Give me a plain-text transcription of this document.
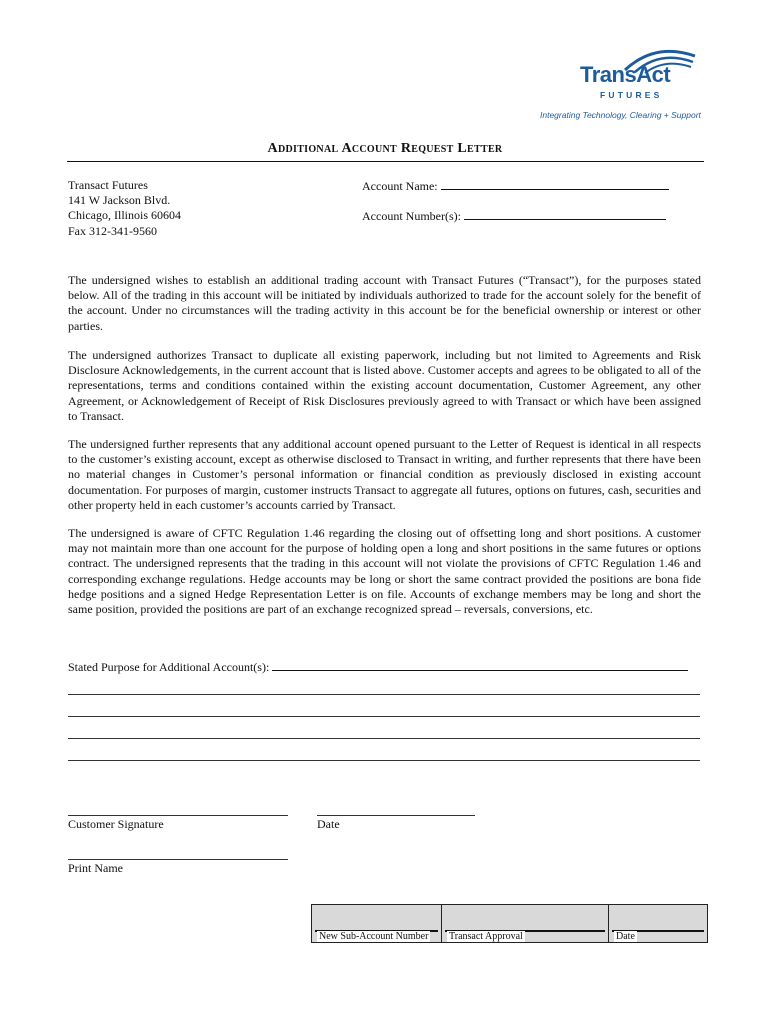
TransAct
FUTURES
Integrating Technology, Clearing + Support
Additional Account Request Letter
Transact Futures
141 W Jackson Blvd.
Chicago, Illinois 60604
Fax 312-341-9560
Account Name:
Account Number(s):

The undersigned wishes to establish an additional trading account with Transact Futures (“Transact”), for the purposes stated below. All of the trading in this account will be initiated by individuals authorized to trade for the account solely for the benefit of the account. Under no circumstances will the trading activity in this account be for the beneficial ownership or interest or other parties.

The undersigned authorizes Transact to duplicate all existing paperwork, including but not limited to Agreements and Risk Disclosure Acknowledgements, in the current account that is listed above. Customer accepts and agrees to be obligated to all of the representations, terms and conditions contained within the existing account documentation, Customer Agreement, any other Agreement, or Acknowledgement of Receipt of Risk Disclosures previously agreed to with Transact or which have been assigned to Transact.

The undersigned further represents that any additional account opened pursuant to the Letter of Request is identical in all respects to the customer’s existing account, except as otherwise disclosed to Transact in writing, and further represents that there have been no material changes in Customer’s personal information or financial condition as previously disclosed in existing account documentation. For purposes of margin, customer instructs Transact to aggregate all futures, options on futures, cash, securities and other property held in each customer’s accounts carried by Transact.

The undersigned is aware of CFTC Regulation 1.46 regarding the closing out of offsetting long and short positions. A customer may not maintain more than one account for the purpose of holding open a long and short positions in the same futures or options contract. The undersigned represents that the trading in this account will not violate the provisions of CFTC Regulation 1.46 and corresponding exchange regulations. Hedge accounts may be long or short the same contract provided the positions are bona fide hedge positions and a signed Hedge Representation Letter is on file. Accounts of exchange members may be long and short the same position, provided the positions are part of an exchange recognized spread – reversals, conversions, etc.

Stated Purpose for Additional Account(s):
Customer Signature	Date
Print Name
New Sub-Account Number Transact Approval	Date
